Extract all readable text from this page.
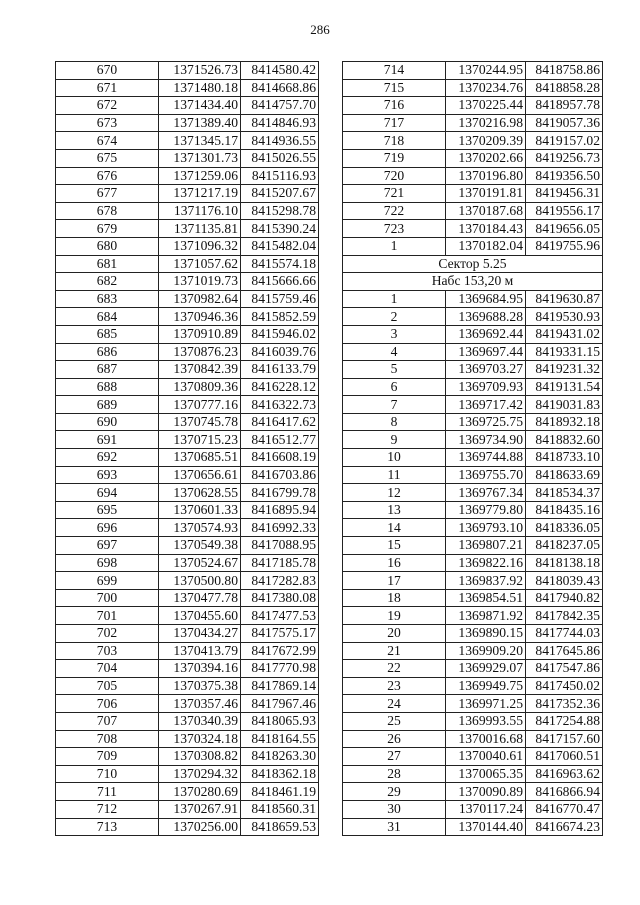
286
670	1371526.73	8414580.42
671	1371480.18	8414668.86
672	1371434.40	8414757.70
673	1371389.40	8414846.93
674	1371345.17	8414936.55
675	1371301.73	8415026.55
676	1371259.06	8415116.93
677	1371217.19	8415207.67
678	1371176.10	8415298.78
679	1371135.81	8415390.24
680	1371096.32	8415482.04
681	1371057.62	8415574.18
682	1371019.73	8415666.66
683	1370982.64	8415759.46
684	1370946.36	8415852.59
685	1370910.89	8415946.02
686	1370876.23	8416039.76
687	1370842.39	8416133.79
688	1370809.36	8416228.12
689	1370777.16	8416322.73
690	1370745.78	8416417.62
691	1370715.23	8416512.77
692	1370685.51	8416608.19
693	1370656.61	8416703.86
694	1370628.55	8416799.78
695	1370601.33	8416895.94
696	1370574.93	8416992.33
697	1370549.38	8417088.95
698	1370524.67	8417185.78
699	1370500.80	8417282.83
700	1370477.78	8417380.08
701	1370455.60	8417477.53
702	1370434.27	8417575.17
703	1370413.79	8417672.99
704	1370394.16	8417770.98
705	1370375.38	8417869.14
706	1370357.46	8417967.46
707	1370340.39	8418065.93
708	1370324.18	8418164.55
709	1370308.82	8418263.30
710	1370294.32	8418362.18
711	1370280.69	8418461.19
712	1370267.91	8418560.31
713	1370256.00	8418659.53
714	1370244.95	8418758.86
715	1370234.76	8418858.28
716	1370225.44	8418957.78
717	1370216.98	8419057.36
718	1370209.39	8419157.02
719	1370202.66	8419256.73
720	1370196.80	8419356.50
721	1370191.81	8419456.31
722	1370187.68	8419556.17
723	1370184.43	8419656.05
1	1370182.04	8419755.96
Сектор 5.25		
Набс 153,20 м		
1	1369684.95	8419630.87
2	1369688.28	8419530.93
3	1369692.44	8419431.02
4	1369697.44	8419331.15
5	1369703.27	8419231.32
6	1369709.93	8419131.54
7	1369717.42	8419031.83
8	1369725.75	8418932.18
9	1369734.90	8418832.60
10	1369744.88	8418733.10
11	1369755.70	8418633.69
12	1369767.34	8418534.37
13	1369779.80	8418435.16
14	1369793.10	8418336.05
15	1369807.21	8418237.05
16	1369822.16	8418138.18
17	1369837.92	8418039.43
18	1369854.51	8417940.82
19	1369871.92	8417842.35
20	1369890.15	8417744.03
21	1369909.20	8417645.86
22	1369929.07	8417547.86
23	1369949.75	8417450.02
24	1369971.25	8417352.36
25	1369993.55	8417254.88
26	1370016.68	8417157.60
27	1370040.61	8417060.51
28	1370065.35	8416963.62
29	1370090.89	8416866.94
30	1370117.24	8416770.47
31	1370144.40	8416674.23
